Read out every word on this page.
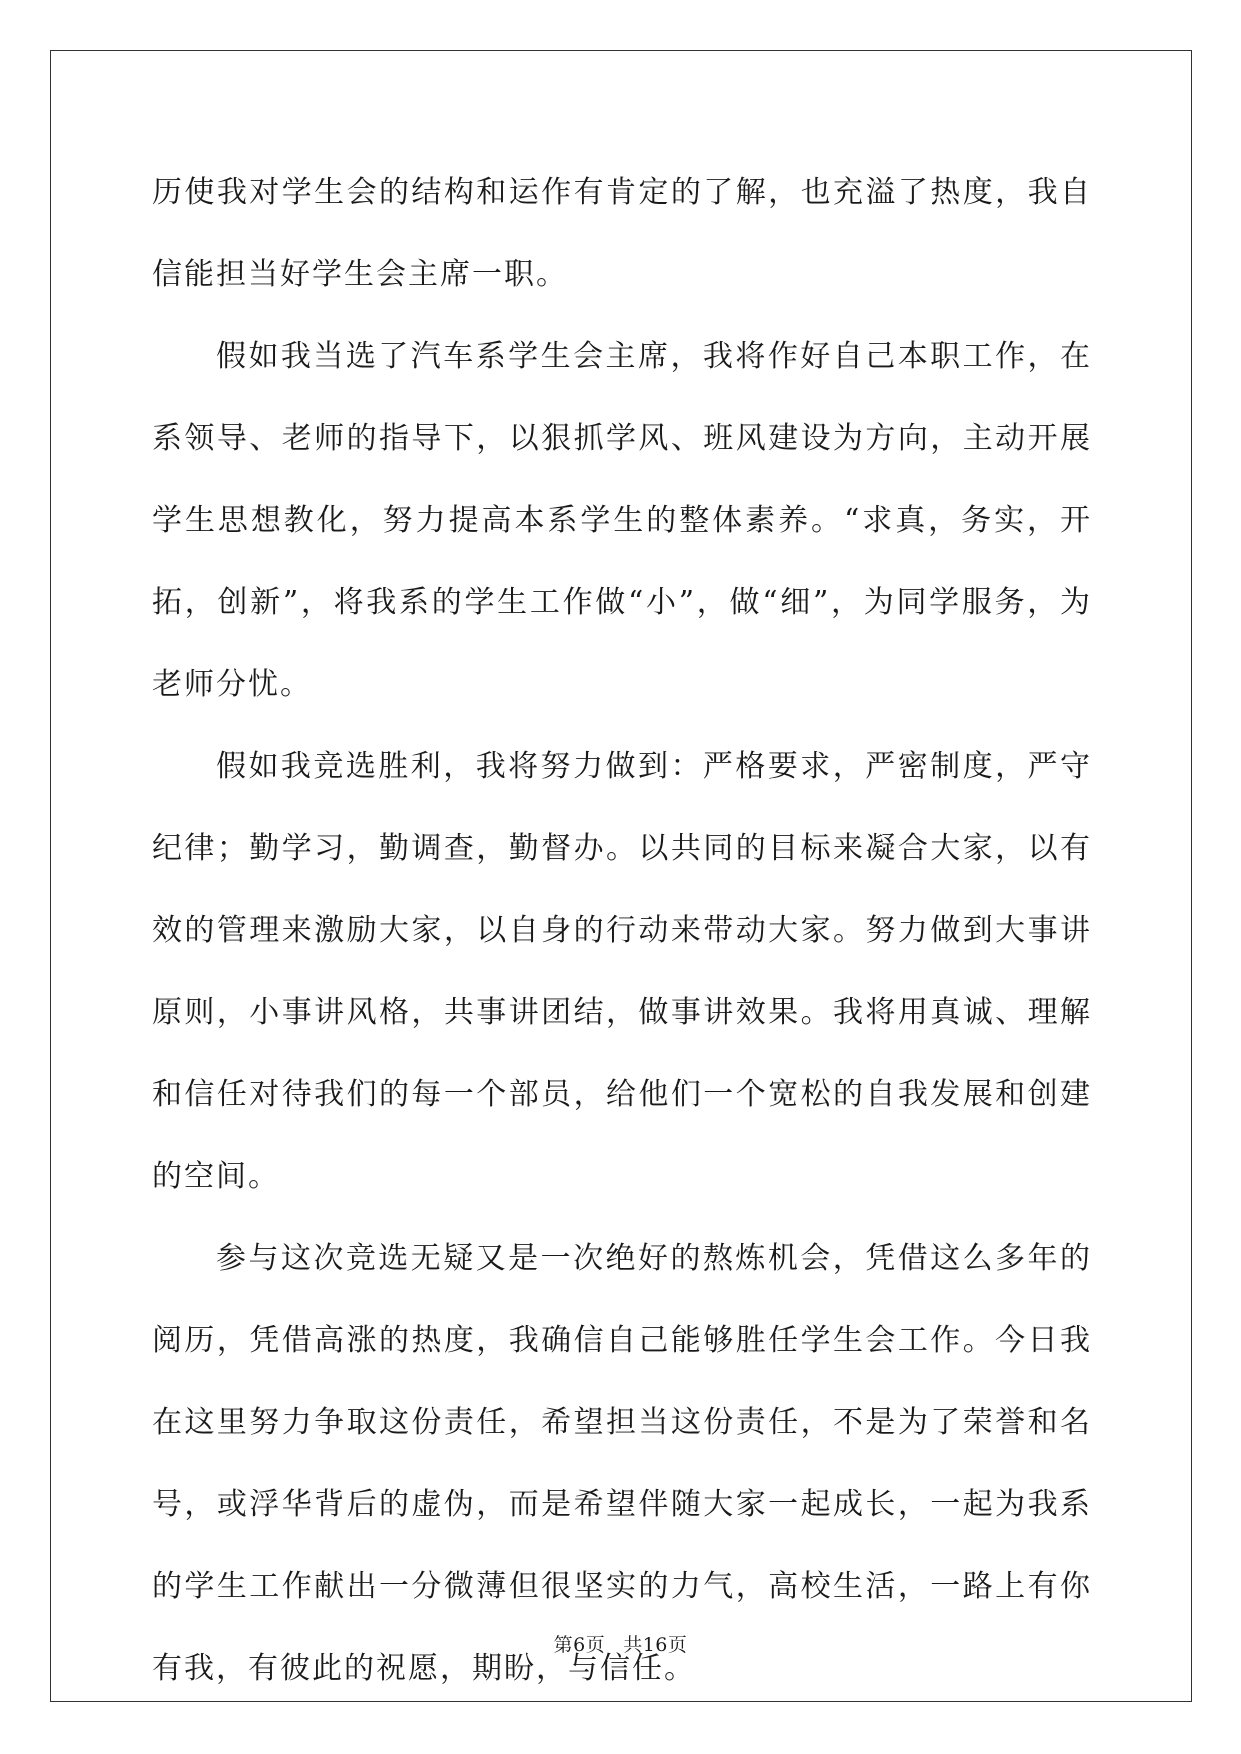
历使我对学生会的结构和运作有肯定的了解，也充溢了热度，我自信能担当好学生会主席一职。

假如我当选了汽车系学生会主席，我将作好自己本职工作，在系领导、老师的指导下，以狠抓学风、班风建设为方向，主动开展学生思想教化，努力提高本系学生的整体素养。“求真，务实，开拓，创新”，将我系的学生工作做“小”，做“细”，为同学服务，为老师分忧。

假如我竞选胜利，我将努力做到：严格要求，严密制度，严守纪律；勤学习，勤调查，勤督办。以共同的目标来凝合大家，以有效的管理来激励大家，以自身的行动来带动大家。努力做到大事讲原则，小事讲风格，共事讲团结，做事讲效果。我将用真诚、理解和信任对待我们的每一个部员，给他们一个宽松的自我发展和创建的空间。

参与这次竞选无疑又是一次绝好的熬炼机会，凭借这么多年的阅历，凭借高涨的热度，我确信自己能够胜任学生会工作。今日我在这里努力争取这份责任，希望担当这份责任，不是为了荣誉和名号，或浮华背后的虚伪，而是希望伴随大家一起成长，一起为我系的学生工作献出一分微薄但很坚实的力气，高校生活，一路上有你有我，有彼此的祝愿，期盼，与信任。

第6页 共16页
